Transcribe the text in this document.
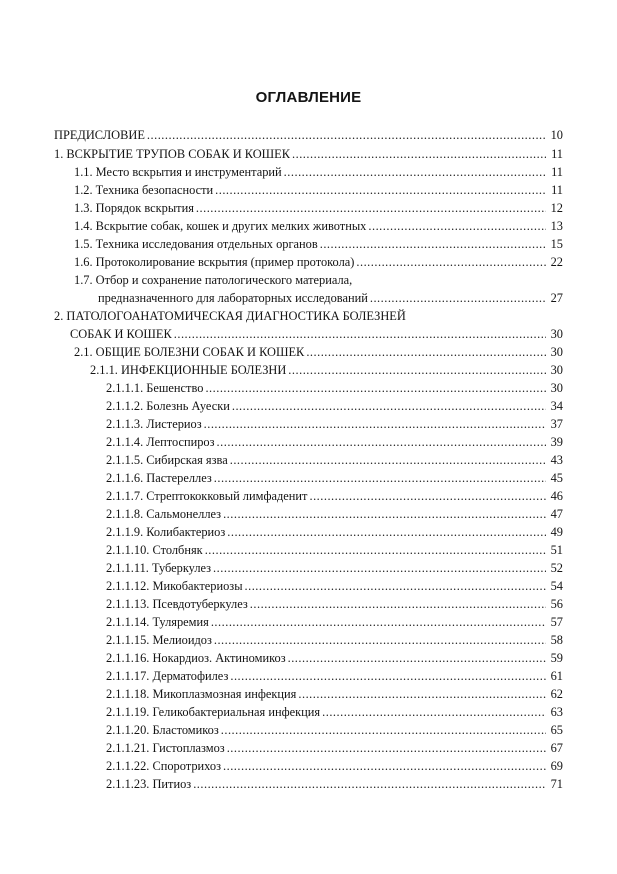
ОГЛАВЛЕНИЕ
ПРЕДИСЛОВИЕ .....	10
1. ВСКРЫТИЕ ТРУПОВ СОБАК И КОШЕК .....	11
1.1. Место вскрытия и инструментарий .....	11
1.2. Техника безопасности .....	11
1.3. Порядок вскрытия .....	12
1.4. Вскрытие собак, кошек и других мелких животных .....	13
1.5. Техника исследования отдельных органов .....	15
1.6. Протоколирование вскрытия (пример протокола) .....	22
1.7. Отбор и сохранение патологического материала,
предназначенного для лабораторных исследований .....	27
2. ПАТОЛОГОАНАТОМИЧЕСКАЯ ДИАГНОСТИКА БОЛЕЗНЕЙ
СОБАК И КОШЕК .....	30
2.1. ОБЩИЕ БОЛЕЗНИ СОБАК И КОШЕК .....	30
2.1.1. ИНФЕКЦИОННЫЕ БОЛЕЗНИ .....	30
2.1.1.1. Бешенство .....	30
2.1.1.2. Болезнь Ауески .....	34
2.1.1.3. Листериоз .....	37
2.1.1.4. Лептоспироз .....	39
2.1.1.5. Сибирская язва .....	43
2.1.1.6. Пастереллез .....	45
2.1.1.7. Стрептококковый лимфаденит .....	46
2.1.1.8. Сальмонеллез .....	47
2.1.1.9. Колибактериоз .....	49
2.1.1.10. Столбняк .....	51
2.1.1.11. Туберкулез .....	52
2.1.1.12. Микобактериозы .....	54
2.1.1.13. Псевдотуберкулез .....	56
2.1.1.14. Туляремия .....	57
2.1.1.15. Мелиоидоз .....	58
2.1.1.16. Нокардиоз. Актиномикоз .....	59
2.1.1.17. Дерматофилез .....	61
2.1.1.18. Микоплазмозная инфекция .....	62
2.1.1.19. Геликобактериальная инфекция .....	63
2.1.1.20. Бластомикоз .....	65
2.1.1.21. Гистоплазмоз .....	67
2.1.1.22. Споротрихоз .....	69
2.1.1.23. Питиоз .....	71
